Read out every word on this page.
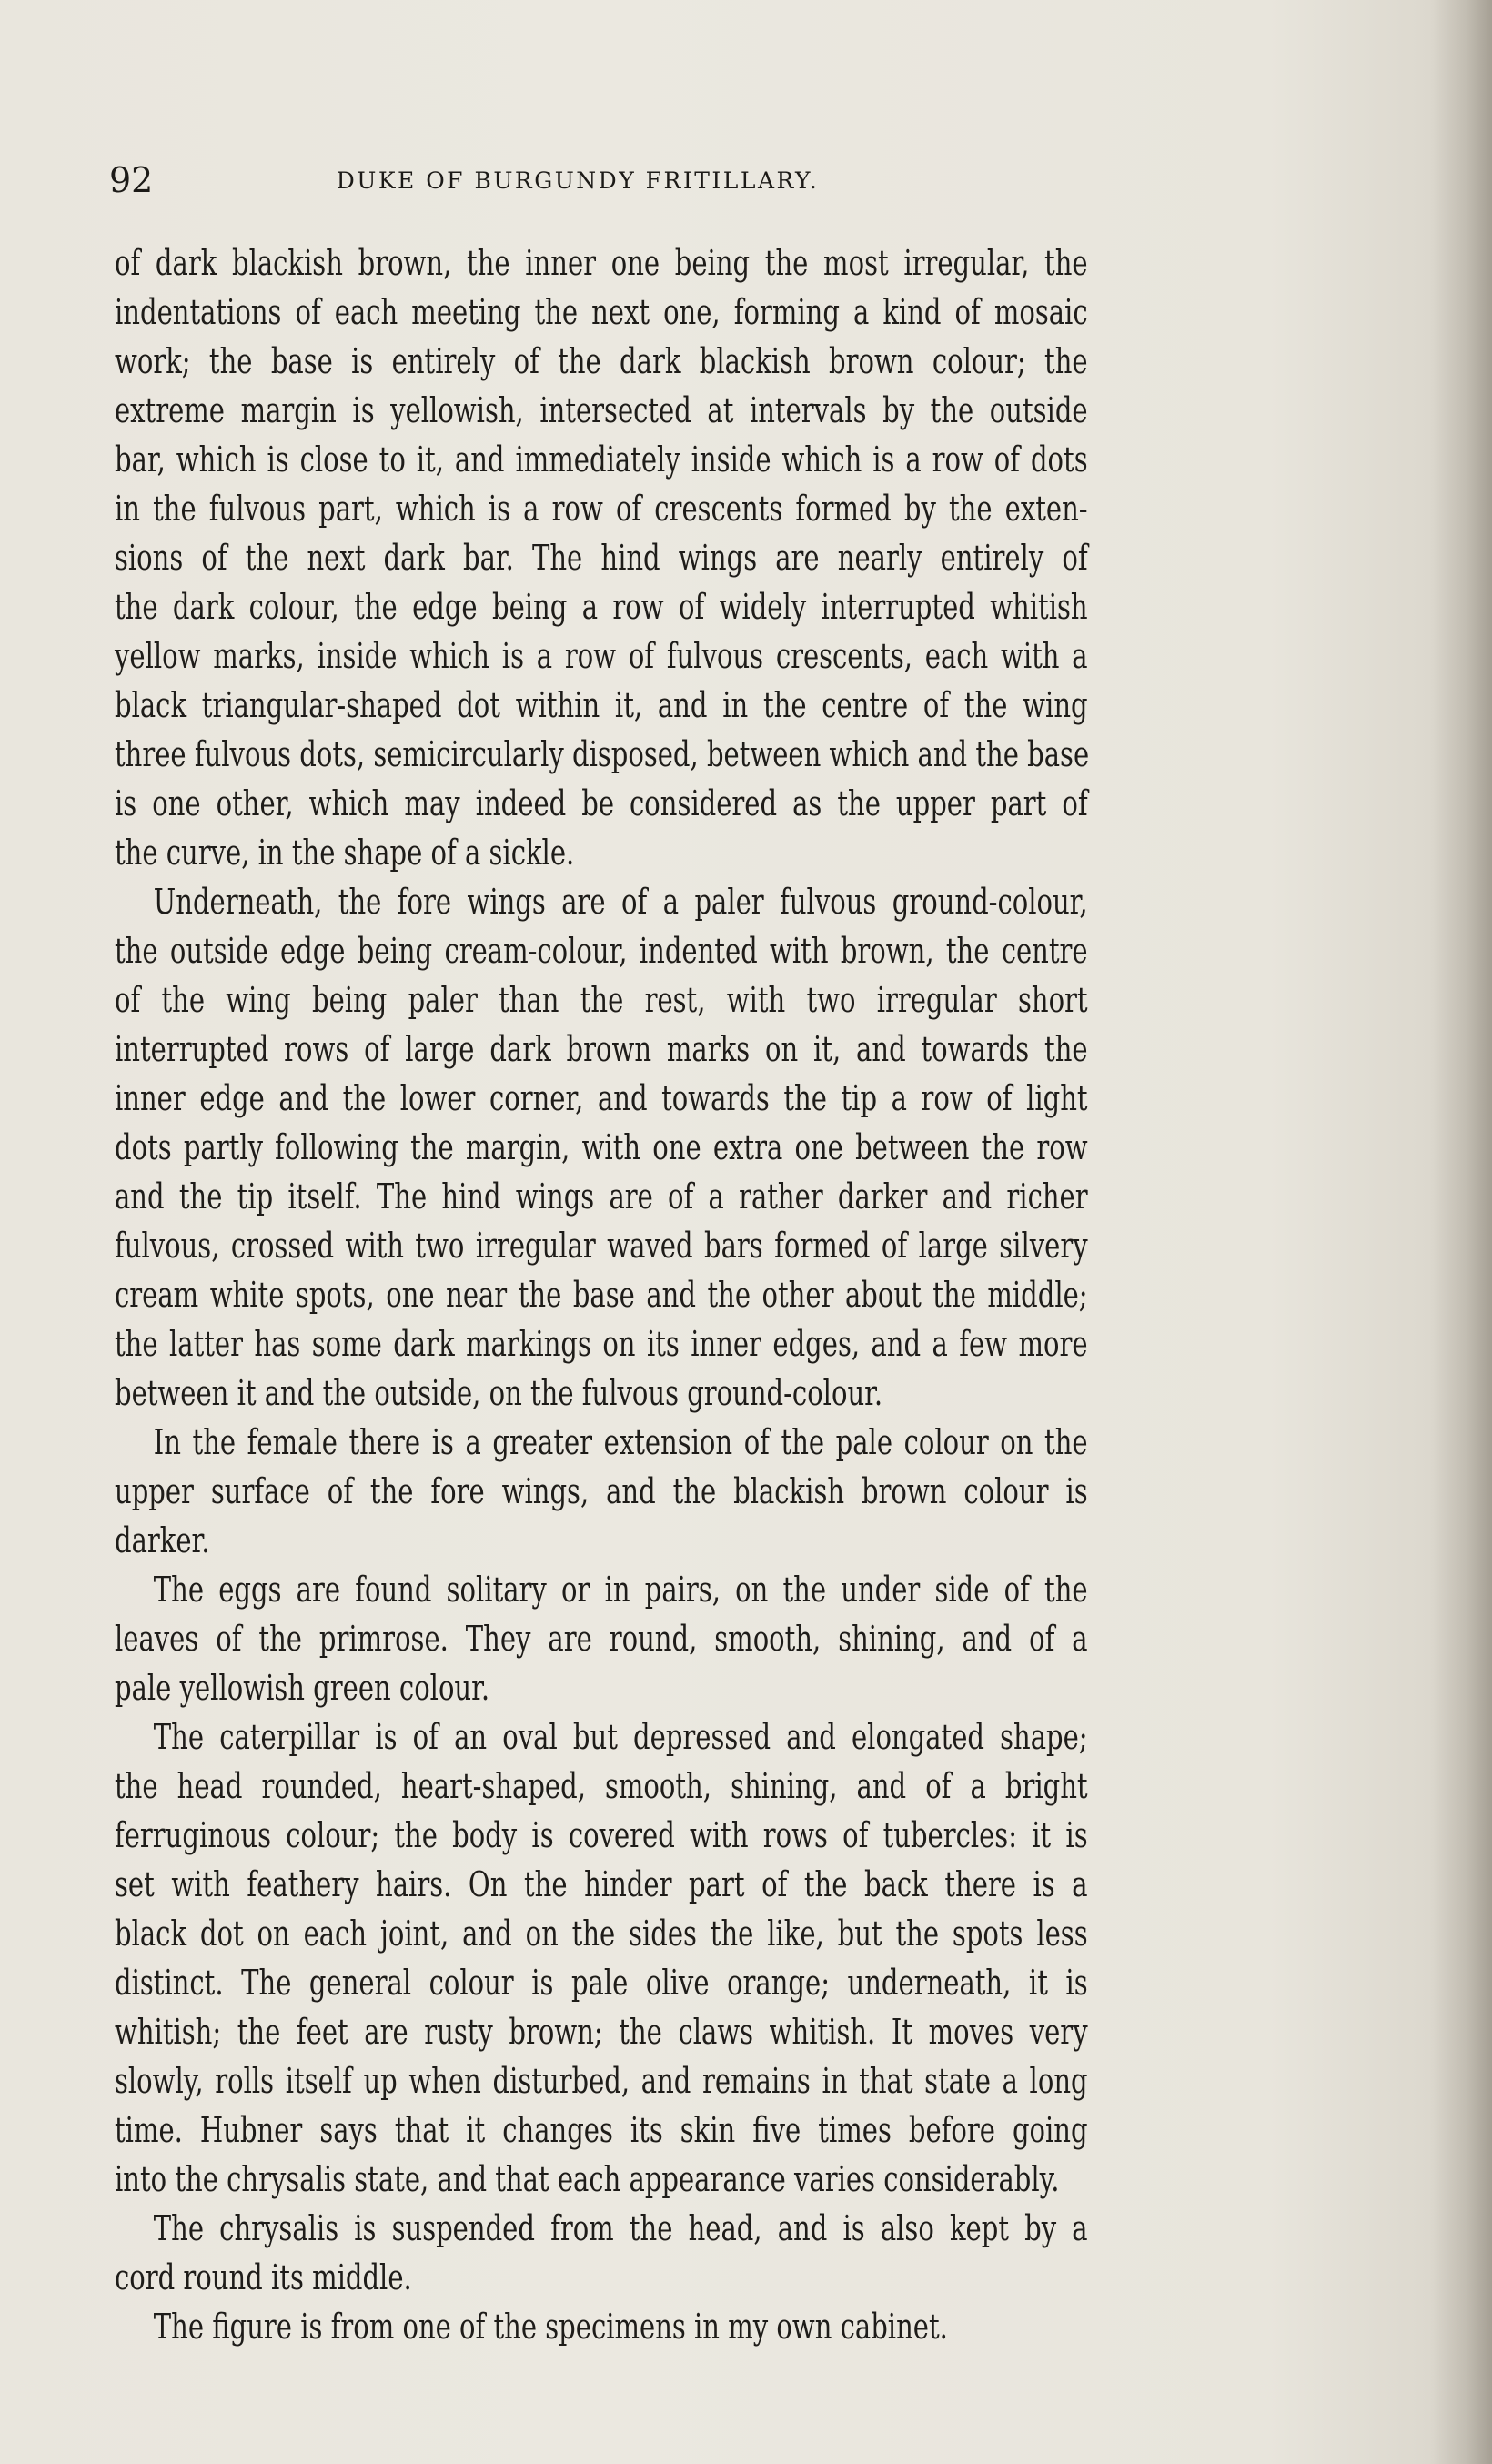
92	DUKE OF BURGUNDY FRITILLARY.

of dark blackish brown, the inner one being the most irregular, the
indentations of each meeting the next one, forming a kind of mosaic
work; the base is entirely of the dark blackish brown colour; the
extreme margin is yellowish, intersected at intervals by the outside
bar, which is close to it, and immediately inside which is a row of dots
in the fulvous part, which is a row of crescents formed by the exten-
sions of the next dark bar. The hind wings are nearly entirely of
the dark colour, the edge being a row of widely interrupted whitish
yellow marks, inside which is a row of fulvous crescents, each with a
black triangular-shaped dot within it, and in the centre of the wing
three fulvous dots, semicircularly disposed, between which and the base
is one other, which may indeed be considered as the upper part of
the curve, in the shape of a sickle.

Underneath, the fore wings are of a paler fulvous ground-colour,
the outside edge being cream-colour, indented with brown, the centre
of the wing being paler than the rest, with two irregular short
interrupted rows of large dark brown marks on it, and towards the
inner edge and the lower corner, and towards the tip a row of light
dots partly following the margin, with one extra one between the row
and the tip itself. The hind wings are of a rather darker and richer
fulvous, crossed with two irregular waved bars formed of large silvery
cream white spots, one near the base and the other about the middle;
the latter has some dark markings on its inner edges, and a few more
between it and the outside, on the fulvous ground-colour.

In the female there is a greater extension of the pale colour on the
upper surface of the fore wings, and the blackish brown colour is
darker.

The eggs are found solitary or in pairs, on the under side of the
leaves of the primrose. They are round, smooth, shining, and of a
pale yellowish green colour.

The caterpillar is of an oval but depressed and elongated shape;
the head rounded, heart-shaped, smooth, shining, and of a bright
ferruginous colour; the body is covered with rows of tubercles: it is
set with feathery hairs. On the hinder part of the back there is a
black dot on each joint, and on the sides the like, but the spots less
distinct. The general colour is pale olive orange; underneath, it is
whitish; the feet are rusty brown; the claws whitish. It moves very
slowly, rolls itself up when disturbed, and remains in that state a long
time. Hubner says that it changes its skin five times before going
into the chrysalis state, and that each appearance varies considerably.

The chrysalis is suspended from the head, and is also kept by a
cord round its middle.

The figure is from one of the specimens in my own cabinet.
